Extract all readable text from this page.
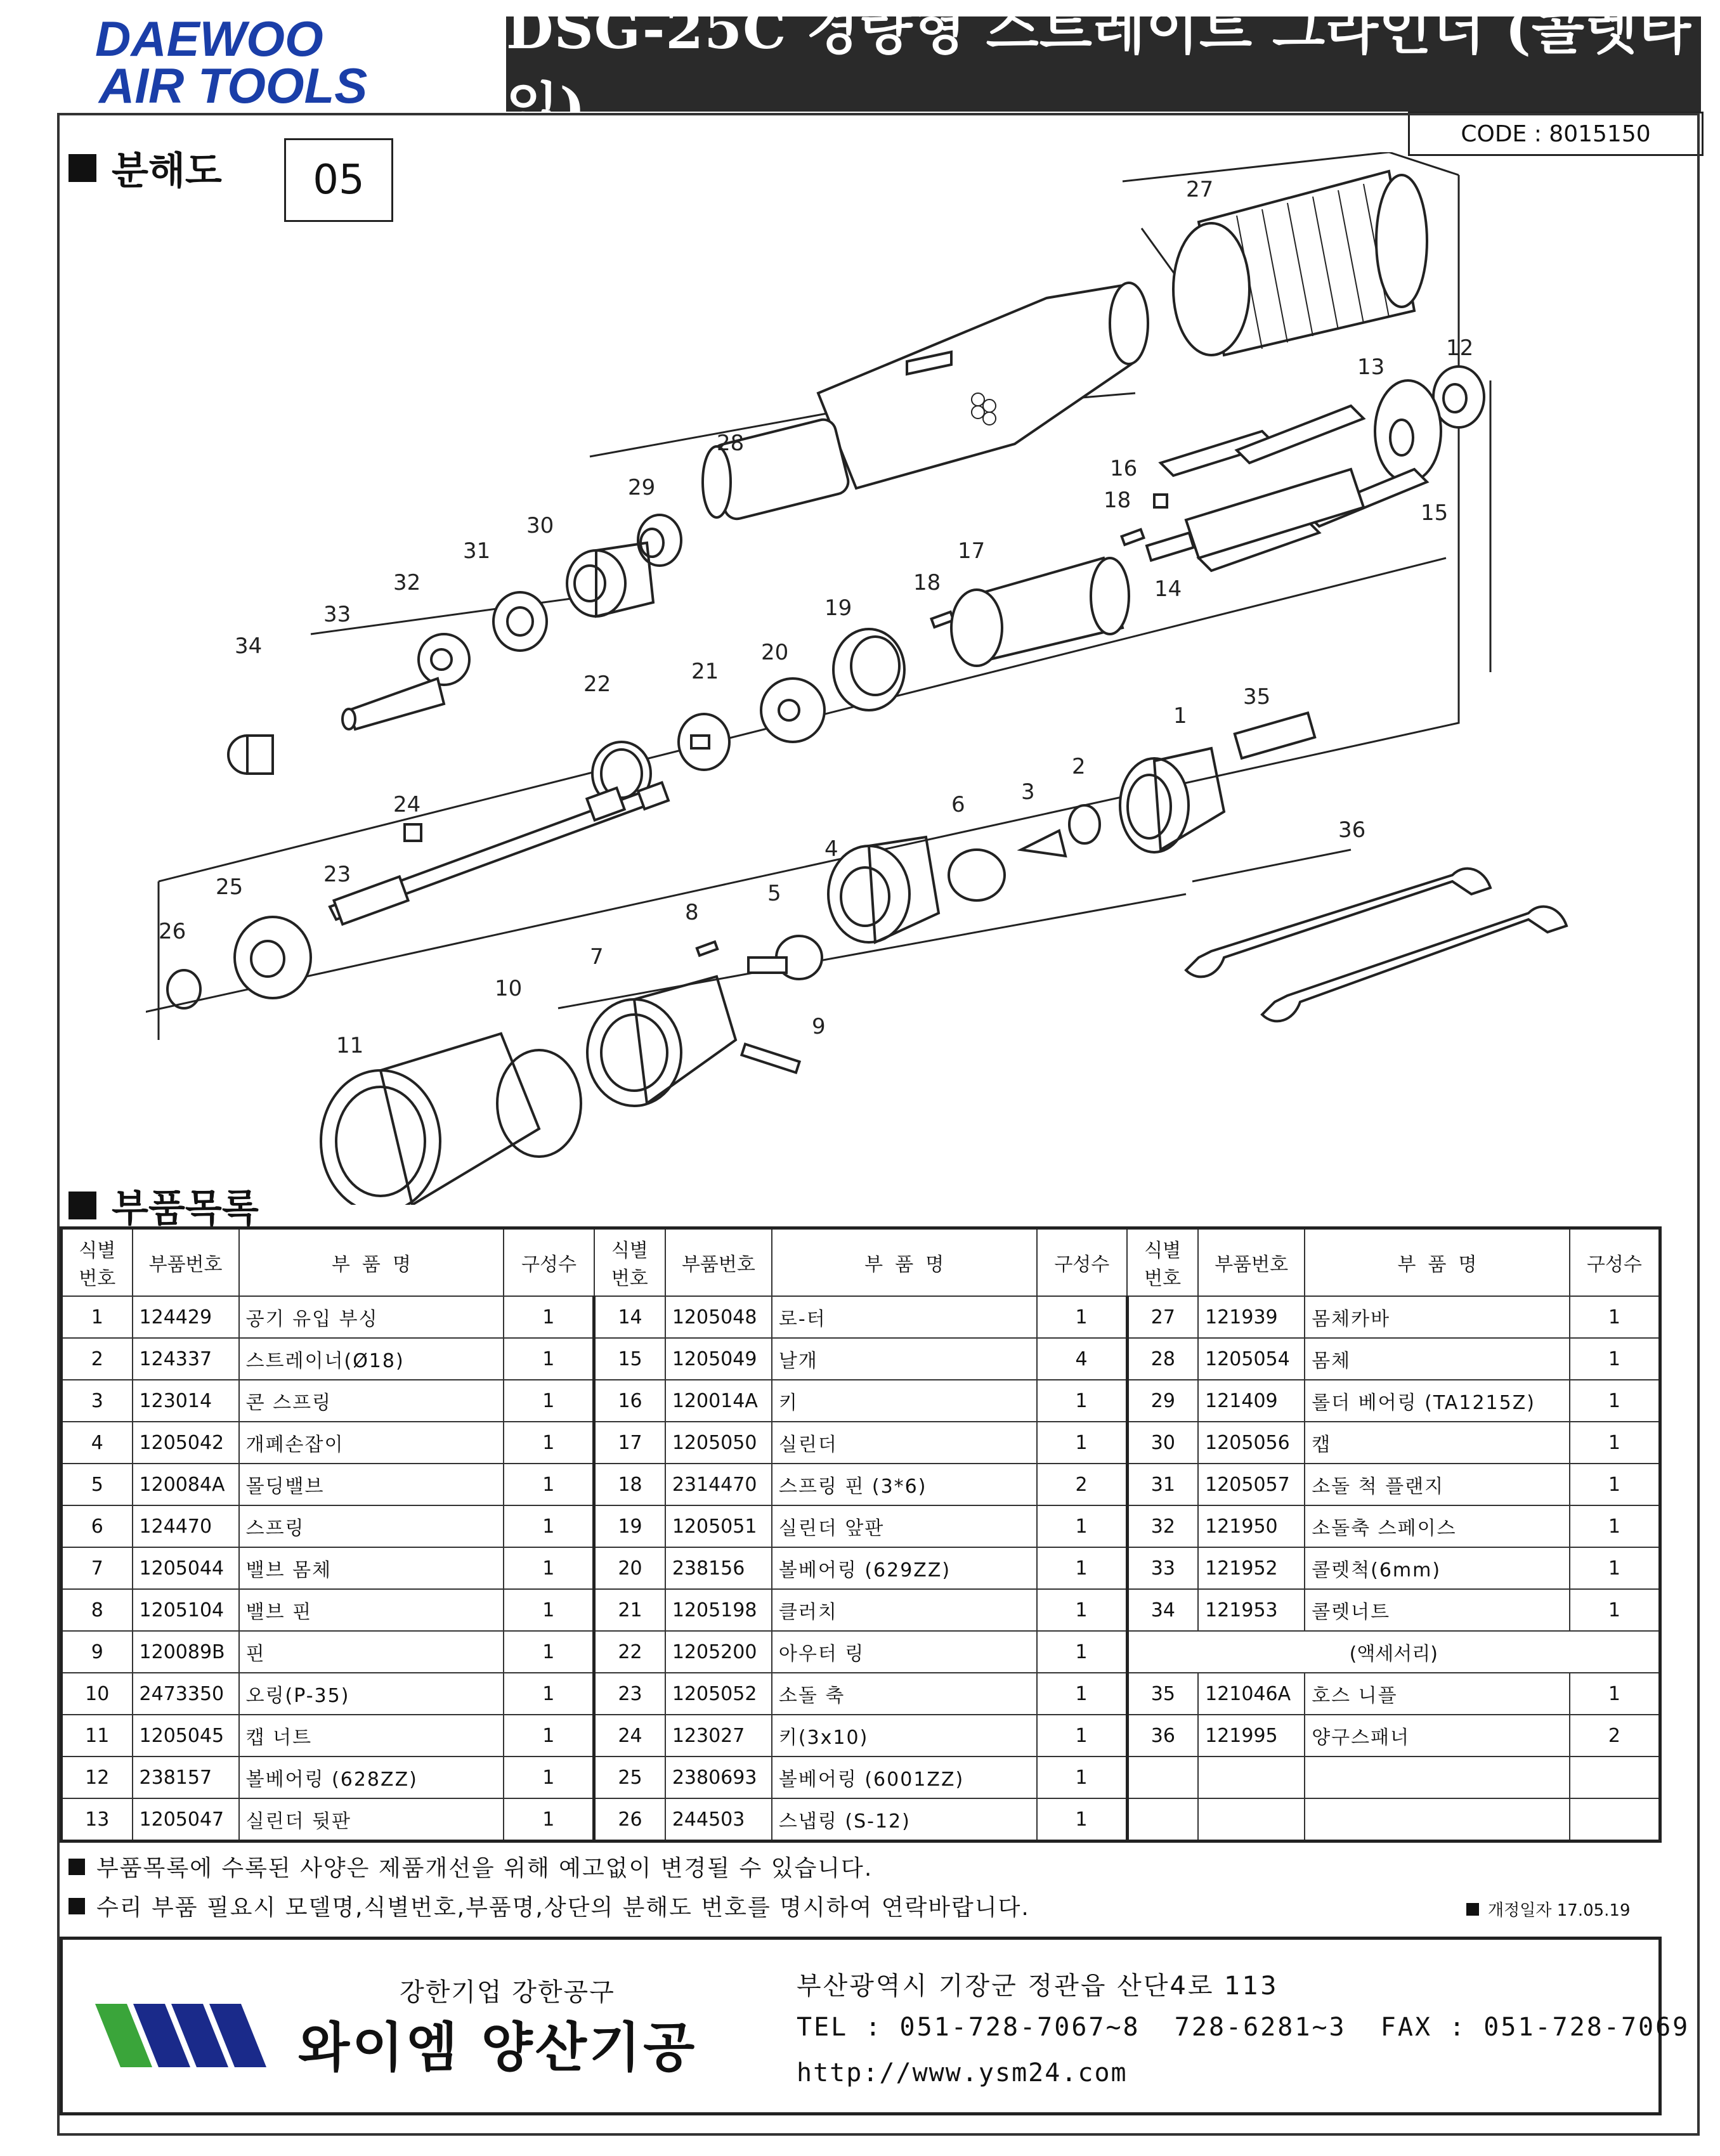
DAEWOO
AIR TOOLS
DSG-25C 경량형 스트레이트 그라인더 (콜렛타입)	CODE : 8015150
분해도	05	27
12
13
28
16
18	15
29
30
31
32
33
34
17
18	14
19
20
21
22	35
1
24
23
25
26
36
6	3
2
4
5
8
7
9
10
11
부품목록
식별
번호	부품번호	부  품  명	구성수	식별
번호	부품번호	부  품  명	구성수	식별
번호	부품번호	부  품  명	구성수
1	124429	공기 유입 부싱	1	14	1205048	로-터	1	27	121939	몸체카바	1
2	124337	스트레이너(Ø18)	1	15	1205049	날개	4	28	1205054	몸체	1
3	123014	콘 스프링	1	16	120014A	키	1	29	121409	롤더 베어링 (TA1215Z)	1
4	1205042	개폐손잡이	1	17	1205050	실린더	1	30	1205056	캡	1
5	120084A	몰딩밸브	1	18	2314470	스프링 핀 (3*6)	2	31	1205057	소돌 척 플랜지	1
6	124470	스프링	1	19	1205051	실린더 앞판	1	32	121950	소돌축 스페이스	1
7	1205044	밸브 몸체	1	20	238156	볼베어링 (629ZZ)	1	33	121952	콜렛척(6mm)	1
8	1205104	밸브 핀	1	21	1205198	클러치	1	34	121953	콜렛너트	1
9	120089B	핀	1	22	1205200	아우터 링	1	(액세서리)			
10	2473350	오링(P-35)	1	23	1205052	소돌 축	1	35	121046A	호스 니플	1
11	1205045	캡 너트	1	24	123027	키(3x10)	1	36	121995	양구스패너	2
12	238157	볼베어링 (628ZZ)	1	25	2380693	볼베어링 (6001ZZ)	1				
13	1205047	실린더 뒷판	1	26	244503	스냅링 (S-12)	1				
부품목록에 수록된 사양은 제품개선을 위해 예고없이 변경될 수 있습니다.
수리 부품 필요시 모델명,식별번호,부품명,상단의 분해도 번호를 명시하여 연락바랍니다.	개정일자 17.05.19
강한기업 강한공구
와이엠 양산기공
부산광역시 기장군 정관읍 산단4로 113
TEL : 051-728-7067~8  728-6281~3  FAX : 051-728-7069
http://www.ysm24.com
